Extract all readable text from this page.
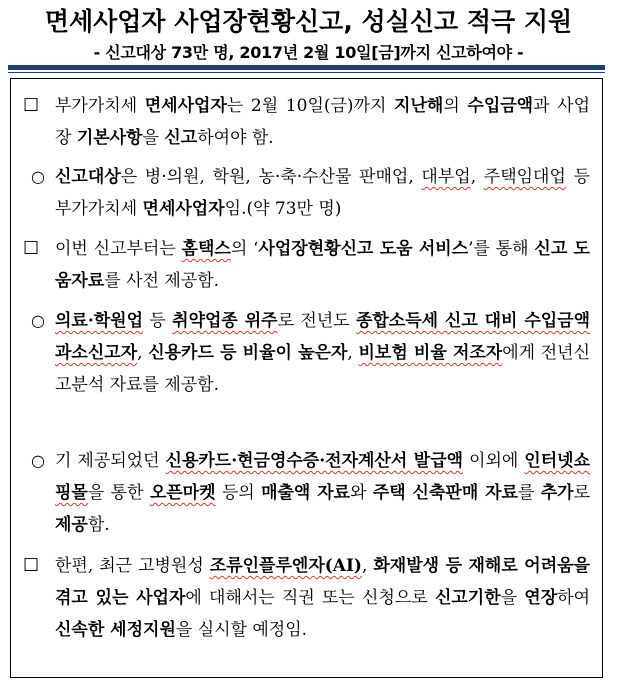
면세사업자 사업장현황신고, 성실신고 적극 지원
- 신고대상 73만 명, 2017년 2월 10일[금]까지 신고하여야 -
☐ 부가가치세 면세사업자는 2월 10일(금)까지 지난해의 수입금액과 사업장 기본사항을 신고하여야 함.
○ 신고대상은 병·의원, 학원, 농·축·수산물 판매업, 대부업, 주택임대업 등 부가가치세 면세사업자임.(약 73만 명)
☐ 이번 신고부터는 홈택스의 ‘사업장현황신고 도움 서비스’를 통해 신고 도움자료를 사전 제공함.
○ 의료·학원업 등 취약업종 위주로 전년도 종합소득세 신고 대비 수입금액 과소신고자, 신용카드 등 비율이 높은자, 비보험 비율 저조자에게 전년신고분석 자료를 제공함.
○ 기 제공되었던 신용카드·현금영수증·전자계산서 발급액 이외에 인터넷쇼핑몰을 통한 오픈마켓 등의 매출액 자료와 주택 신축판매 자료를 추가로 제공함.
☐ 한편, 최근 고병원성 조류인플루엔자(AI), 화재발생 등 재해로 어려움을 겪고 있는 사업자에 대해서는 직권 또는 신청으로 신고기한을 연장하여 신속한 세정지원을 실시할 예정임.
